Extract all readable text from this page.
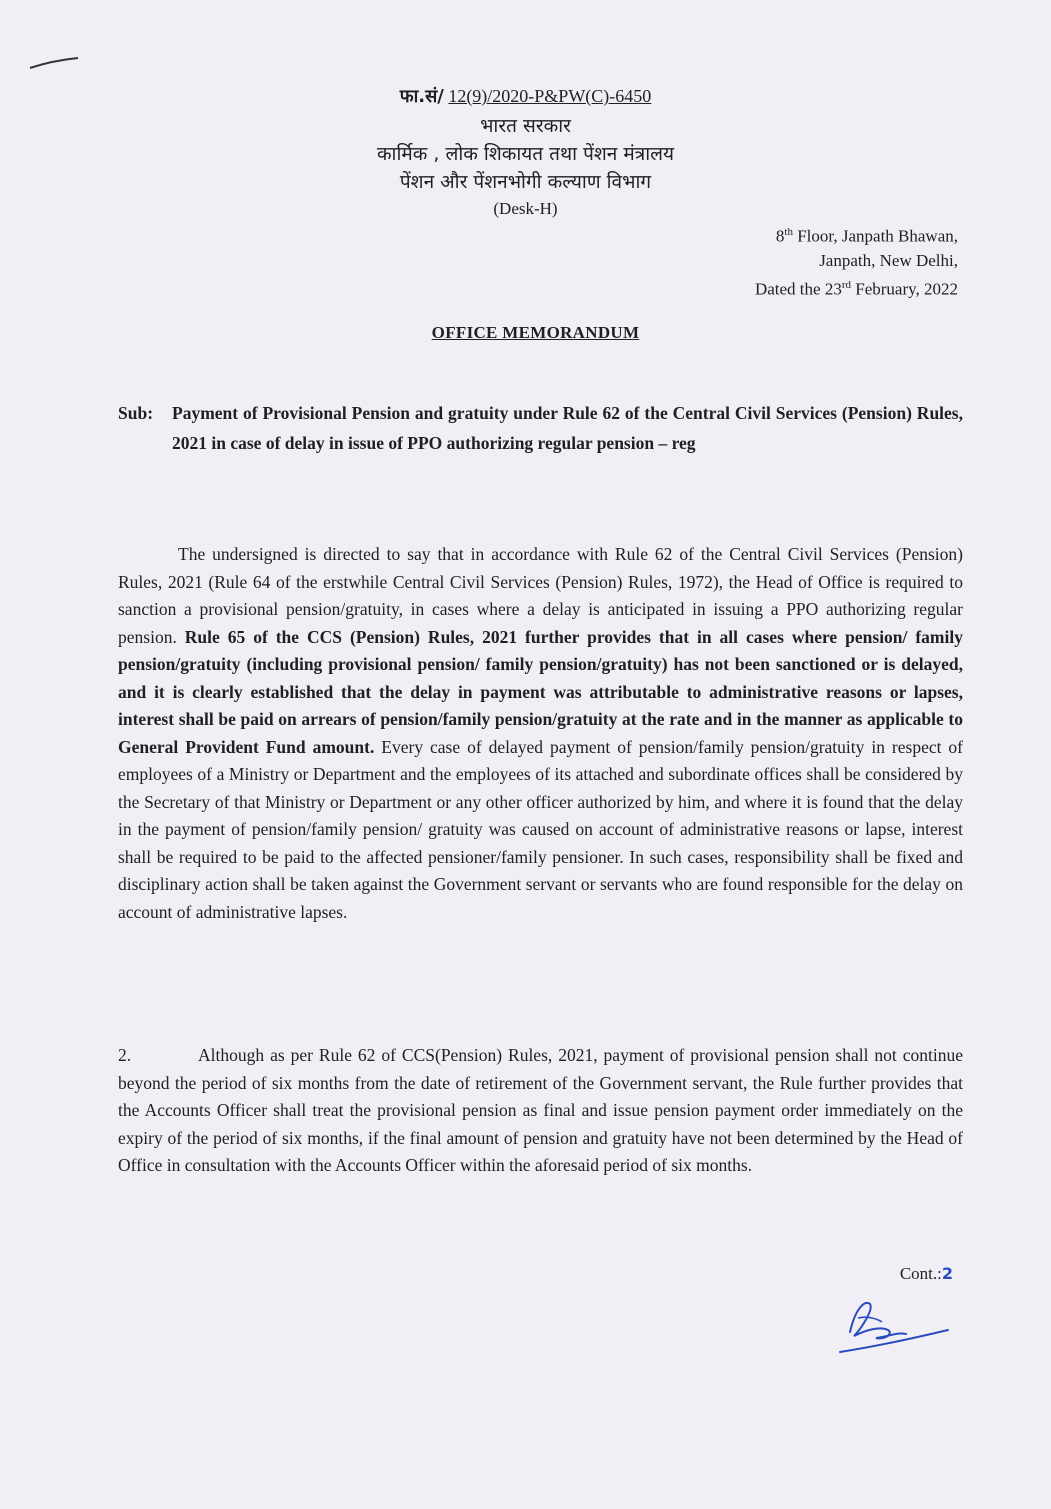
फा.सं/ 12(9)/2020-P&PW(C)-6450
भारत सरकार
कार्मिक , लोक शिकायत तथा पेंशन मंत्रालय
पेंशन और पेंशनभोगी कल्याण विभाग
(Desk-H)
8th Floor, Janpath Bhawan,
Janpath, New Delhi,
Dated the 23rd February, 2022
OFFICE MEMORANDUM
Sub: Payment of Provisional Pension and gratuity under Rule 62 of the Central Civil Services (Pension) Rules, 2021 in case of delay in issue of PPO authorizing regular pension – reg
The undersigned is directed to say that in accordance with Rule 62 of the Central Civil Services (Pension) Rules, 2021 (Rule 64 of the erstwhile Central Civil Services (Pension) Rules, 1972), the Head of Office is required to sanction a provisional pension/gratuity, in cases where a delay is anticipated in issuing a PPO authorizing regular pension. Rule 65 of the CCS (Pension) Rules, 2021 further provides that in all cases where pension/ family pension/gratuity (including provisional pension/ family pension/gratuity) has not been sanctioned or is delayed, and it is clearly established that the delay in payment was attributable to administrative reasons or lapses, interest shall be paid on arrears of pension/family pension/gratuity at the rate and in the manner as applicable to General Provident Fund amount. Every case of delayed payment of pension/family pension/gratuity in respect of employees of a Ministry or Department and the employees of its attached and subordinate offices shall be considered by the Secretary of that Ministry or Department or any other officer authorized by him, and where it is found that the delay in the payment of pension/family pension/ gratuity was caused on account of administrative reasons or lapse, interest shall be required to be paid to the affected pensioner/family pensioner. In such cases, responsibility shall be fixed and disciplinary action shall be taken against the Government servant or servants who are found responsible for the delay on account of administrative lapses.
2.	Although as per Rule 62 of CCS(Pension) Rules, 2021, payment of provisional pension shall not continue beyond the period of six months from the date of retirement of the Government servant, the Rule further provides that the Accounts Officer shall treat the provisional pension as final and issue pension payment order immediately on the expiry of the period of six months, if the final amount of pension and gratuity have not been determined by the Head of Office in consultation with the Accounts Officer within the aforesaid period of six months.
Cont.:2
